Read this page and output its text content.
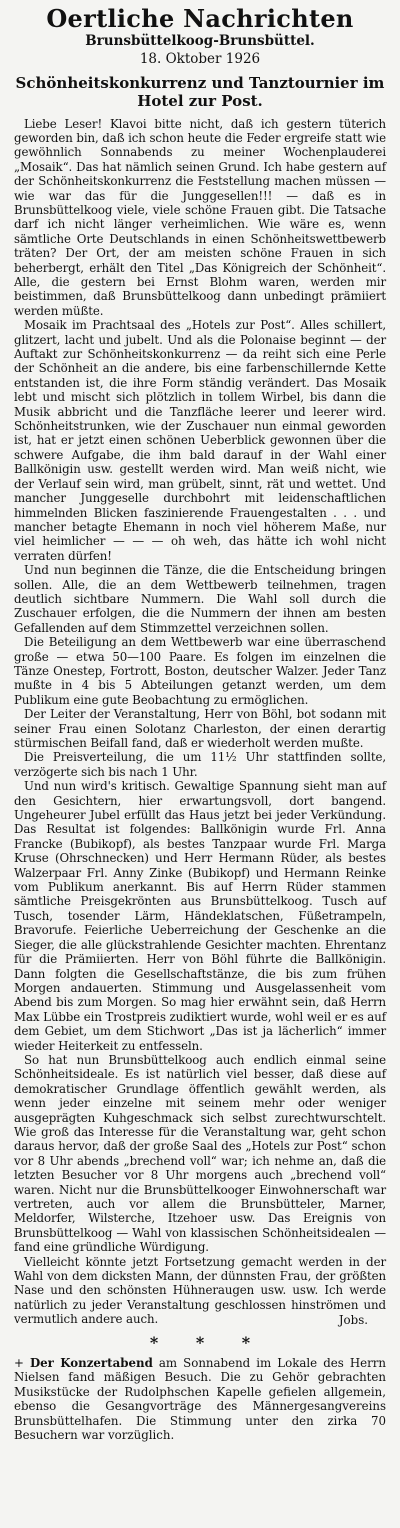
Oertliche Nachrichten
Brunsbüttelkoog-Brunsbüttel.
18. Oktober 1926
Schönheitskonkurrenz und Tanztournier im Hotel zur Post.

Liebe Leser! Klavoi bitte nicht, daß ich gestern tüterich geworden bin, daß ich schon heute die Feder ergreife statt wie gewöhnlich Sonnabends zu meiner Wochenplauderei „Mosaik“. Das hat nämlich seinen Grund. Ich habe gestern auf der Schönheitskonkurrenz die Feststellung machen müssen — wie war das für die Junggesellen!!! — daß es in Brunsbüttelkoog viele, viele schöne Frauen gibt. Die Tatsache darf ich nicht länger verheimlichen. Wie wäre es, wenn sämtliche Orte Deutschlands in einen Schönheitswettbewerb träten? Der Ort, der am meisten schöne Frauen in sich beherbergt, erhält den Titel „Das Königreich der Schönheit“. Alle, die gestern bei Ernst Blohm waren, werden mir beistimmen, daß Brunsbüttelkoog dann unbedingt prämiiert werden müßte.

Mosaik im Prachtsaal des „Hotels zur Post“. Alles schillert, glitzert, lacht und jubelt. Und als die Polonaise beginnt — der Auftakt zur Schönheitskonkurrenz — da reiht sich eine Perle der Schönheit an die andere, bis eine farbenschillernde Kette entstanden ist, die ihre Form ständig verändert. Das Mosaik lebt und mischt sich plötzlich in tollem Wirbel, bis dann die Musik abbricht und die Tanzfläche leerer und leerer wird. Schönheitstrunken, wie der Zuschauer nun einmal geworden ist, hat er jetzt einen schönen Ueberblick gewonnen über die schwere Aufgabe, die ihm bald darauf in der Wahl einer Ballkönigin usw. gestellt werden wird. Man weiß nicht, wie der Verlauf sein wird, man grübelt, sinnt, rät und wettet. Und mancher Junggeselle durchbohrt mit leidenschaftlichen himmelnden Blicken faszinierende Frauengestalten . . . und mancher betagte Ehemann in noch viel höherem Maße, nur viel heimlicher — — — oh weh, das hätte ich wohl nicht verraten dürfen!

Und nun beginnen die Tänze, die die Entscheidung bringen sollen. Alle, die an dem Wettbewerb teilnehmen, tragen deutlich sichtbare Nummern. Die Wahl soll durch die Zuschauer erfolgen, die die Nummern der ihnen am besten Gefallenden auf dem Stimmzettel verzeichnen sollen.

Die Beteiligung an dem Wettbewerb war eine überraschend große — etwa 50—100 Paare. Es folgen im einzelnen die Tänze Onestep, Fortrott, Boston, deutscher Walzer. Jeder Tanz mußte in 4 bis 5 Abteilungen getanzt werden, um dem Publikum eine gute Beobachtung zu ermöglichen.

Der Leiter der Veranstaltung, Herr von Böhl, bot sodann mit seiner Frau einen Solotanz Charleston, der einen derartig stürmischen Beifall fand, daß er wiederholt werden mußte.

Die Preisverteilung, die um 11½ Uhr stattfinden sollte, verzögerte sich bis nach 1 Uhr.

Und nun wird's kritisch. Gewaltige Spannung sieht man auf den Gesichtern, hier erwartungsvoll, dort bangend. Ungeheurer Jubel erfüllt das Haus jetzt bei jeder Verkündung. Das Resultat ist folgendes: Ballkönigin wurde Frl. Anna Francke (Bubikopf), als bestes Tanzpaar wurde Frl. Marga Kruse (Ohrschnecken) und Herr Hermann Rüder, als bestes Walzerpaar Frl. Anny Zinke (Bubikopf) und Hermann Reinke vom Publikum anerkannt. Bis auf Herrn Rüder stammen sämtliche Preisgekrönten aus Brunsbüttelkoog. Tusch auf Tusch, tosender Lärm, Händeklatschen, Füßetrampeln, Bravorufe. Feierliche Ueberreichung der Geschenke an die Sieger, die alle glückstrahlende Gesichter machten. Ehrentanz für die Prämiierten. Herr von Böhl führte die Ballkönigin. Dann folgten die Gesellschaftstänze, die bis zum frühen Morgen andauerten. Stimmung und Ausgelassenheit vom Abend bis zum Morgen. So mag hier erwähnt sein, daß Herrn Max Lübbe ein Trostpreis zudiktiert wurde, wohl weil er es auf dem Gebiet, um dem Stichwort „Das ist ja lächerlich“ immer wieder Heiterkeit zu entfesseln.

So hat nun Brunsbüttelkoog auch endlich einmal seine Schönheitsideale. Es ist natürlich viel besser, daß diese auf demokratischer Grundlage öffentlich gewählt werden, als wenn jeder einzelne mit seinem mehr oder weniger ausgeprägten Kuhgeschmack sich selbst zurechtwurschtelt. Wie groß das Interesse für die Veranstaltung war, geht schon daraus hervor, daß der große Saal des „Hotels zur Post“ schon vor 8 Uhr abends „brechend voll“ war; ich nehme an, daß die letzten Besucher vor 8 Uhr morgens auch „brechend voll“ waren. Nicht nur die Brunsbüttelkooger Einwohnerschaft war vertreten, auch vor allem die Brunsbütteler, Marner, Meldorfer, Wilsterche, Itzehoer usw. Das Ereignis von Brunsbüttelkoog — Wahl von klassischen Schönheitsidealen — fand eine gründliche Würdigung.

Vielleicht könnte jetzt Fortsetzung gemacht werden in der Wahl von dem dicksten Mann, der dünnsten Frau, der größten Nase und den schönsten Hühneraugen usw. usw. Ich werde natürlich zu jeder Veranstaltung geschlossen hinströmen und vermutlich andere auch.	Jobs.
* * *

+ Der Konzertabend am Sonnabend im Lokale des Herrn Nielsen fand mäßigen Besuch. Die zu Gehör gebrachten Musikstücke der Rudolphschen Kapelle gefielen allgemein, ebenso die Gesangvorträge des Männergesangvereins Brunsbüttelhafen. Die Stimmung unter den zirka 70 Besuchern war vorzüglich.
